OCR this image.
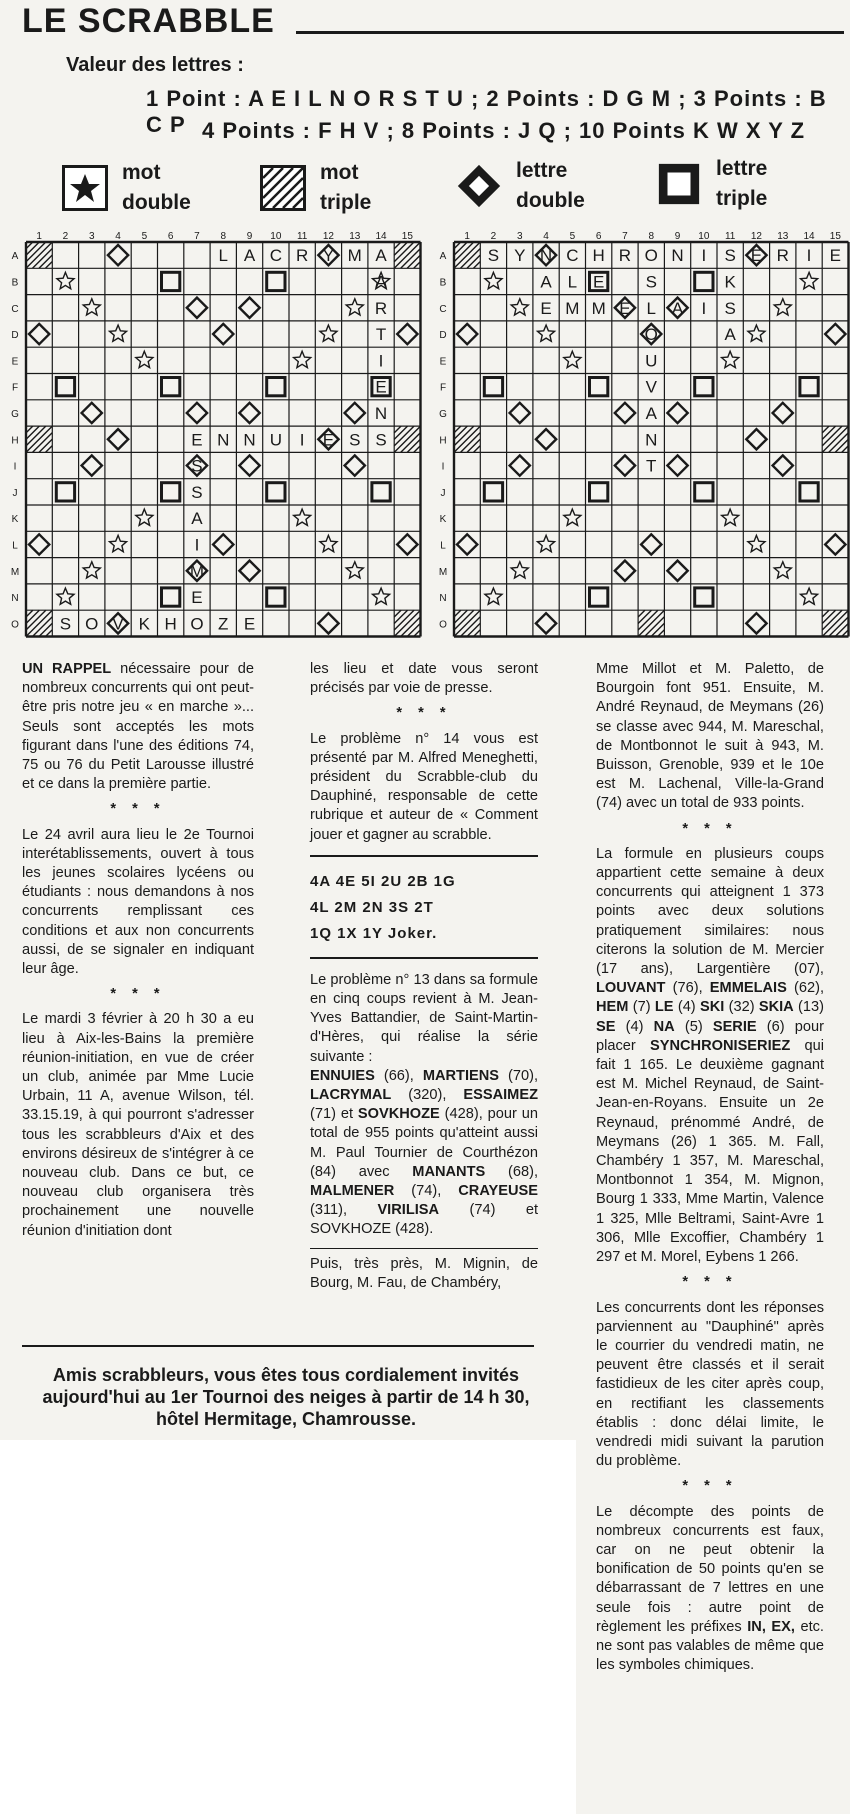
LE SCRABBLE
Valeur des lettres :
1 Point : A E I L N O R S T U ; 2 Points : D G M ; 3 Points : B C P 4 Points : F H V ; 8 Points : J Q ; 10 Points K W X Y Z
mot
double
mot
triple
lettre
double
lettre
triple
1 2 3 4 5 6 7 8 9 10 11 12 13 14 15
A
B
C
D
E
F
G
H
I
J
K
L
M
N
O
L A C R Y M A
A
R
T
I
E
N
S
E N N U I E S
S
S
A
I
M
E
S O V K H O Z E
1 2 3 4 5 6 7 8 9 10 11 12 13 14 15
A
B
C
D
E
F
G
H
I
J
K
L
M
N
O
S Y N C H R O N I S E R I E
A L E S	K
E M M E L A I S
O
U
V
A
N
T
A

UN RAPPEL nécessaire pour de nombreux concurrents qui ont peut-être pris notre jeu « en marche »... Seuls sont acceptés les mots figurant dans l'une des éditions 74, 75 ou 76 du Petit Larousse illustré et ce dans la première partie.

* * *

Le 24 avril aura lieu le 2e Tournoi interétablissements, ouvert à tous les jeunes scolaires lycéens ou étudiants : nous demandons à nos concurrents remplissant ces conditions et aux non concurrents aussi, de se signaler en indiquant leur âge.

* * *

Le mardi 3 février à 20 h 30 a eu lieu à Aix-les-Bains la première réunion-initiation, en vue de créer un club, animée par Mme Lucie Urbain, 11 A, avenue Wilson, tél. 33.15.19, à qui pourront s'adresser tous les scrabbleurs d'Aix et des environs désireux de s'intégrer à ce nouveau club. Dans ce but, ce nouveau club organisera très prochainement une nouvelle réunion d'initiation dont

les lieu et date vous seront précisés par voie de presse.

* * *

Le problème n° 14 vous est présenté par M. Alfred Meneghetti, président du Scrabble-club du Dauphiné, responsable de cette rubrique et auteur de « Comment jouer et gagner au scrabble.

4A 4E 5I 2U 2B 1G
4L 2M 2N 3S 2T
1Q 1X 1Y Joker.

Le problème n° 13 dans sa formule en cinq coups revient à M. Jean-Yves Battandier, de Saint-Martin-d'Hères, qui réalise la série suivante :

ENNUIES (66), MARTIENS (70), LACRYMAL (320), ESSAIMEZ (71) et SOVKHOZE (428), pour un total de 955 points qu'atteint aussi M. Paul Tournier de Courthézon (84) avec MANANTS (68), MALMENER (74), CRAYEUSE (311), VIRILISA (74) et SOVKHOZE (428).

Puis, très près, M. Mignin, de Bourg, M. Fau, de Chambéry,

Mme Millot et M. Paletto, de Bourgoin font 951. Ensuite, M. André Reynaud, de Meymans (26) se classe avec 944, M. Mareschal, de Montbonnot le suit à 943, M. Buisson, Grenoble, 939 et le 10e est M. Lachenal, Ville-la-Grand (74) avec un total de 933 points.

* * *

La formule en plusieurs coups appartient cette semaine à deux concurrents qui atteignent 1 373 points avec deux solutions pratiquement similaires: nous citerons la solution de M. Mercier (17 ans), Largentière (07), LOUVANT (76), EMMELAIS (62), HEM (7) LE (4) SKI (32) SKIA (13) SE (4) NA (5) SERIE (6) pour placer SYNCHRONISERIEZ qui fait 1 165. Le deuxième gagnant est M. Michel Reynaud, de Saint-Jean-en-Royans. Ensuite un 2e Reynaud, prénommé André, de Meymans (26) 1 365. M. Fall, Chambéry 1 357, M. Mareschal, Montbonnot 1 354, M. Mignon, Bourg 1 333, Mme Martin, Valence 1 325, Mlle Beltrami, Saint-Avre 1 306, Mlle Excoffier, Chambéry 1 297 et M. Morel, Eybens 1 266.

* * *

Les concurrents dont les réponses parviennent au "Dauphiné" après le courrier du vendredi matin, ne peuvent être classés et il serait fastidieux de les citer après coup, en rectifiant les classements établis : donc délai limite, le vendredi midi suivant la parution du problème.

* * *

Le décompte des points de nombreux concurrents est faux, car on ne peut obtenir la bonification de 50 points qu'en se débarrassant de 7 lettres en une seule fois : autre point de règlement les préfixes IN, EX, etc. ne sont pas valables de même que les symboles chimiques.

Amis scrabbleurs, vous êtes tous cordialement invités aujourd'hui au 1er Tournoi des neiges à partir de 14 h 30, hôtel Hermitage, Chamrousse.
